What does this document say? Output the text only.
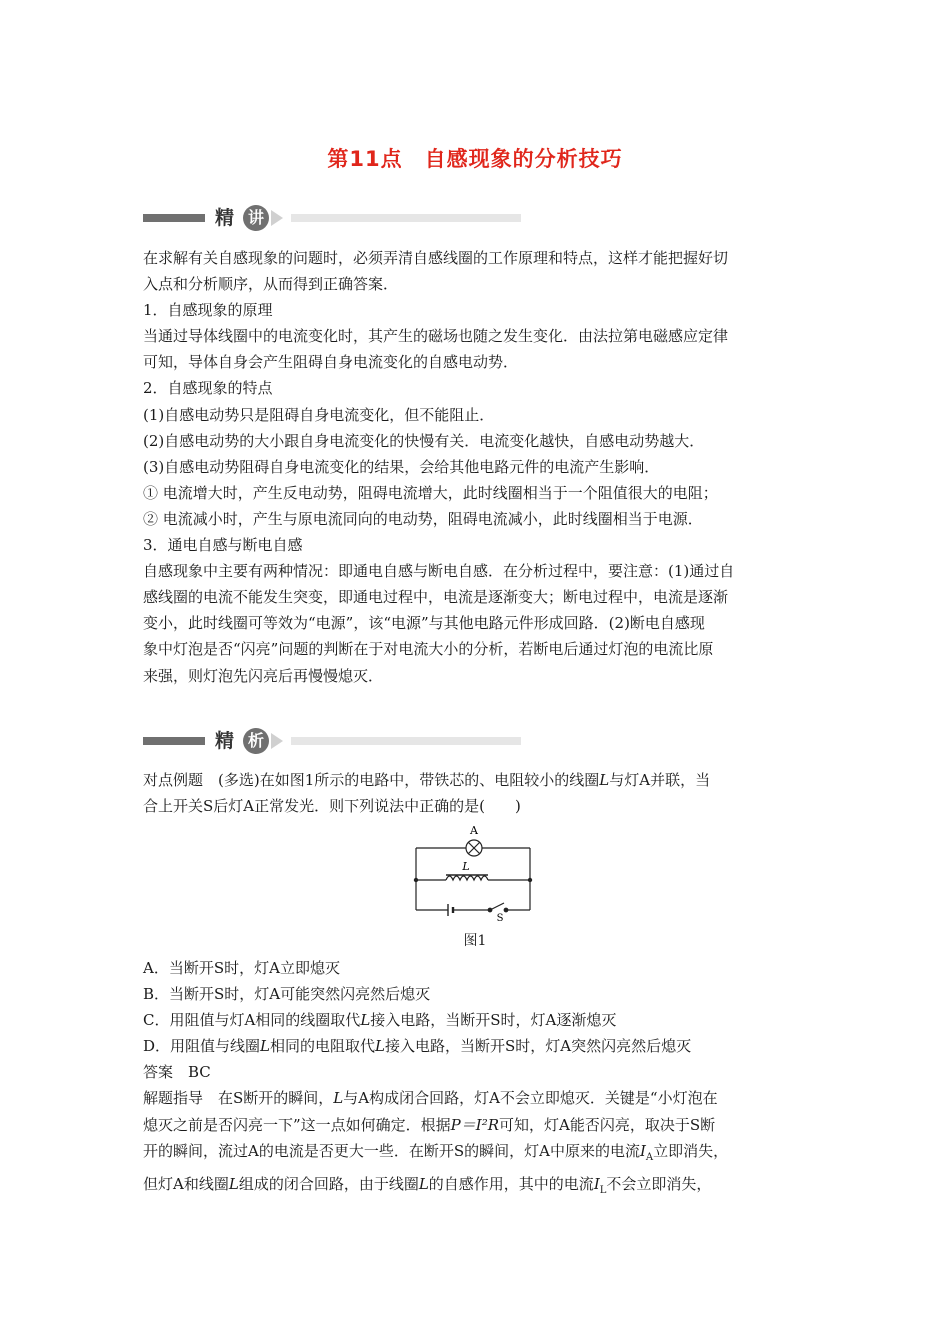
第11点　自感现象的分析技巧
精 讲

在求解有关自感现象的问题时，必须弄清自感线圈的工作原理和特点，这样才能把握好切

入点和分析顺序，从而得到正确答案．

1．自感现象的原理

当通过导体线圈中的电流变化时，其产生的磁场也随之发生变化．由法拉第电磁感应定律

可知，导体自身会产生阻碍自身电流变化的自感电动势．

2．自感现象的特点

(1)自感电动势只是阻碍自身电流变化，但不能阻止．

(2)自感电动势的大小跟自身电流变化的快慢有关．电流变化越快，自感电动势越大．

(3)自感电动势阻碍自身电流变化的结果，会给其他电路元件的电流产生影响．

① 电流增大时，产生反电动势，阻碍电流增大，此时线圈相当于一个阻值很大的电阻；

② 电流减小时，产生与原电流同向的电动势，阻碍电流减小，此时线圈相当于电源．

3．通电自感与断电自感

自感现象中主要有两种情况：即通电自感与断电自感．在分析过程中，要注意：(1)通过自

感线圈的电流不能发生突变，即通电过程中，电流是逐渐变大；断电过程中，电流是逐渐

变小，此时线圈可等效为“电源”，该“电源”与其他电路元件形成回路．(2)断电自感现

象中灯泡是否“闪亮”问题的判断在于对电流大小的分析，若断电后通过灯泡的电流比原

来强，则灯泡先闪亮后再慢慢熄灭．

精 析

对点例题　(多选)在如图1所示的电路中，带铁芯的、电阻较小的线圈L与灯A并联，当

合上开关S后灯A正常发光．则下列说法中正确的是(　　)

A
L
S
图1

A．当断开S时，灯A立即熄灭

B．当断开S时，灯A可能突然闪亮然后熄灭

C．用阻值与灯A相同的线圈取代L接入电路，当断开S时，灯A逐渐熄灭

D．用阻值与线圈L相同的电阻取代L接入电路，当断开S时，灯A突然闪亮然后熄灭

答案　BC

解题指导　在S断开的瞬间，L与A构成闭合回路，灯A不会立即熄灭．关键是“小灯泡在

熄灭之前是否闪亮一下”这一点如何确定．根据P＝I²R可知，灯A能否闪亮，取决于S断

开的瞬间，流过A的电流是否更大一些．在断开S的瞬间，灯A中原来的电流$I_A$立即消失，

但灯A和线圈L组成的闭合回路，由于线圈L的自感作用，其中的电流$I_L$不会立即消失，
